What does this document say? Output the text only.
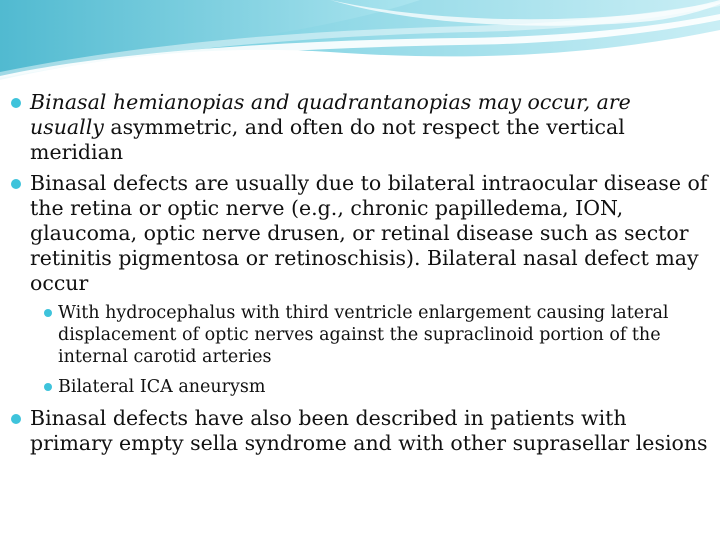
Binasal hemianopias and quadrantanopias may occur, are usually asymmetric, and often do not respect the vertical meridian
Binasal defects are usually due to bilateral intraocular disease of the retina or optic nerve (e.g., chronic papilledema, ION, glaucoma, optic nerve drusen, or retinal disease such as sector retinitis pigmentosa or retinoschisis). Bilateral nasal defect may occur
With hydrocephalus with third ventricle enlargement causing lateral displacement of optic nerves against the supraclinoid portion of the internal carotid arteries
Bilateral ICA aneurysm
Binasal defects have also been described in patients with primary empty sella syndrome and with other suprasellar lesions
